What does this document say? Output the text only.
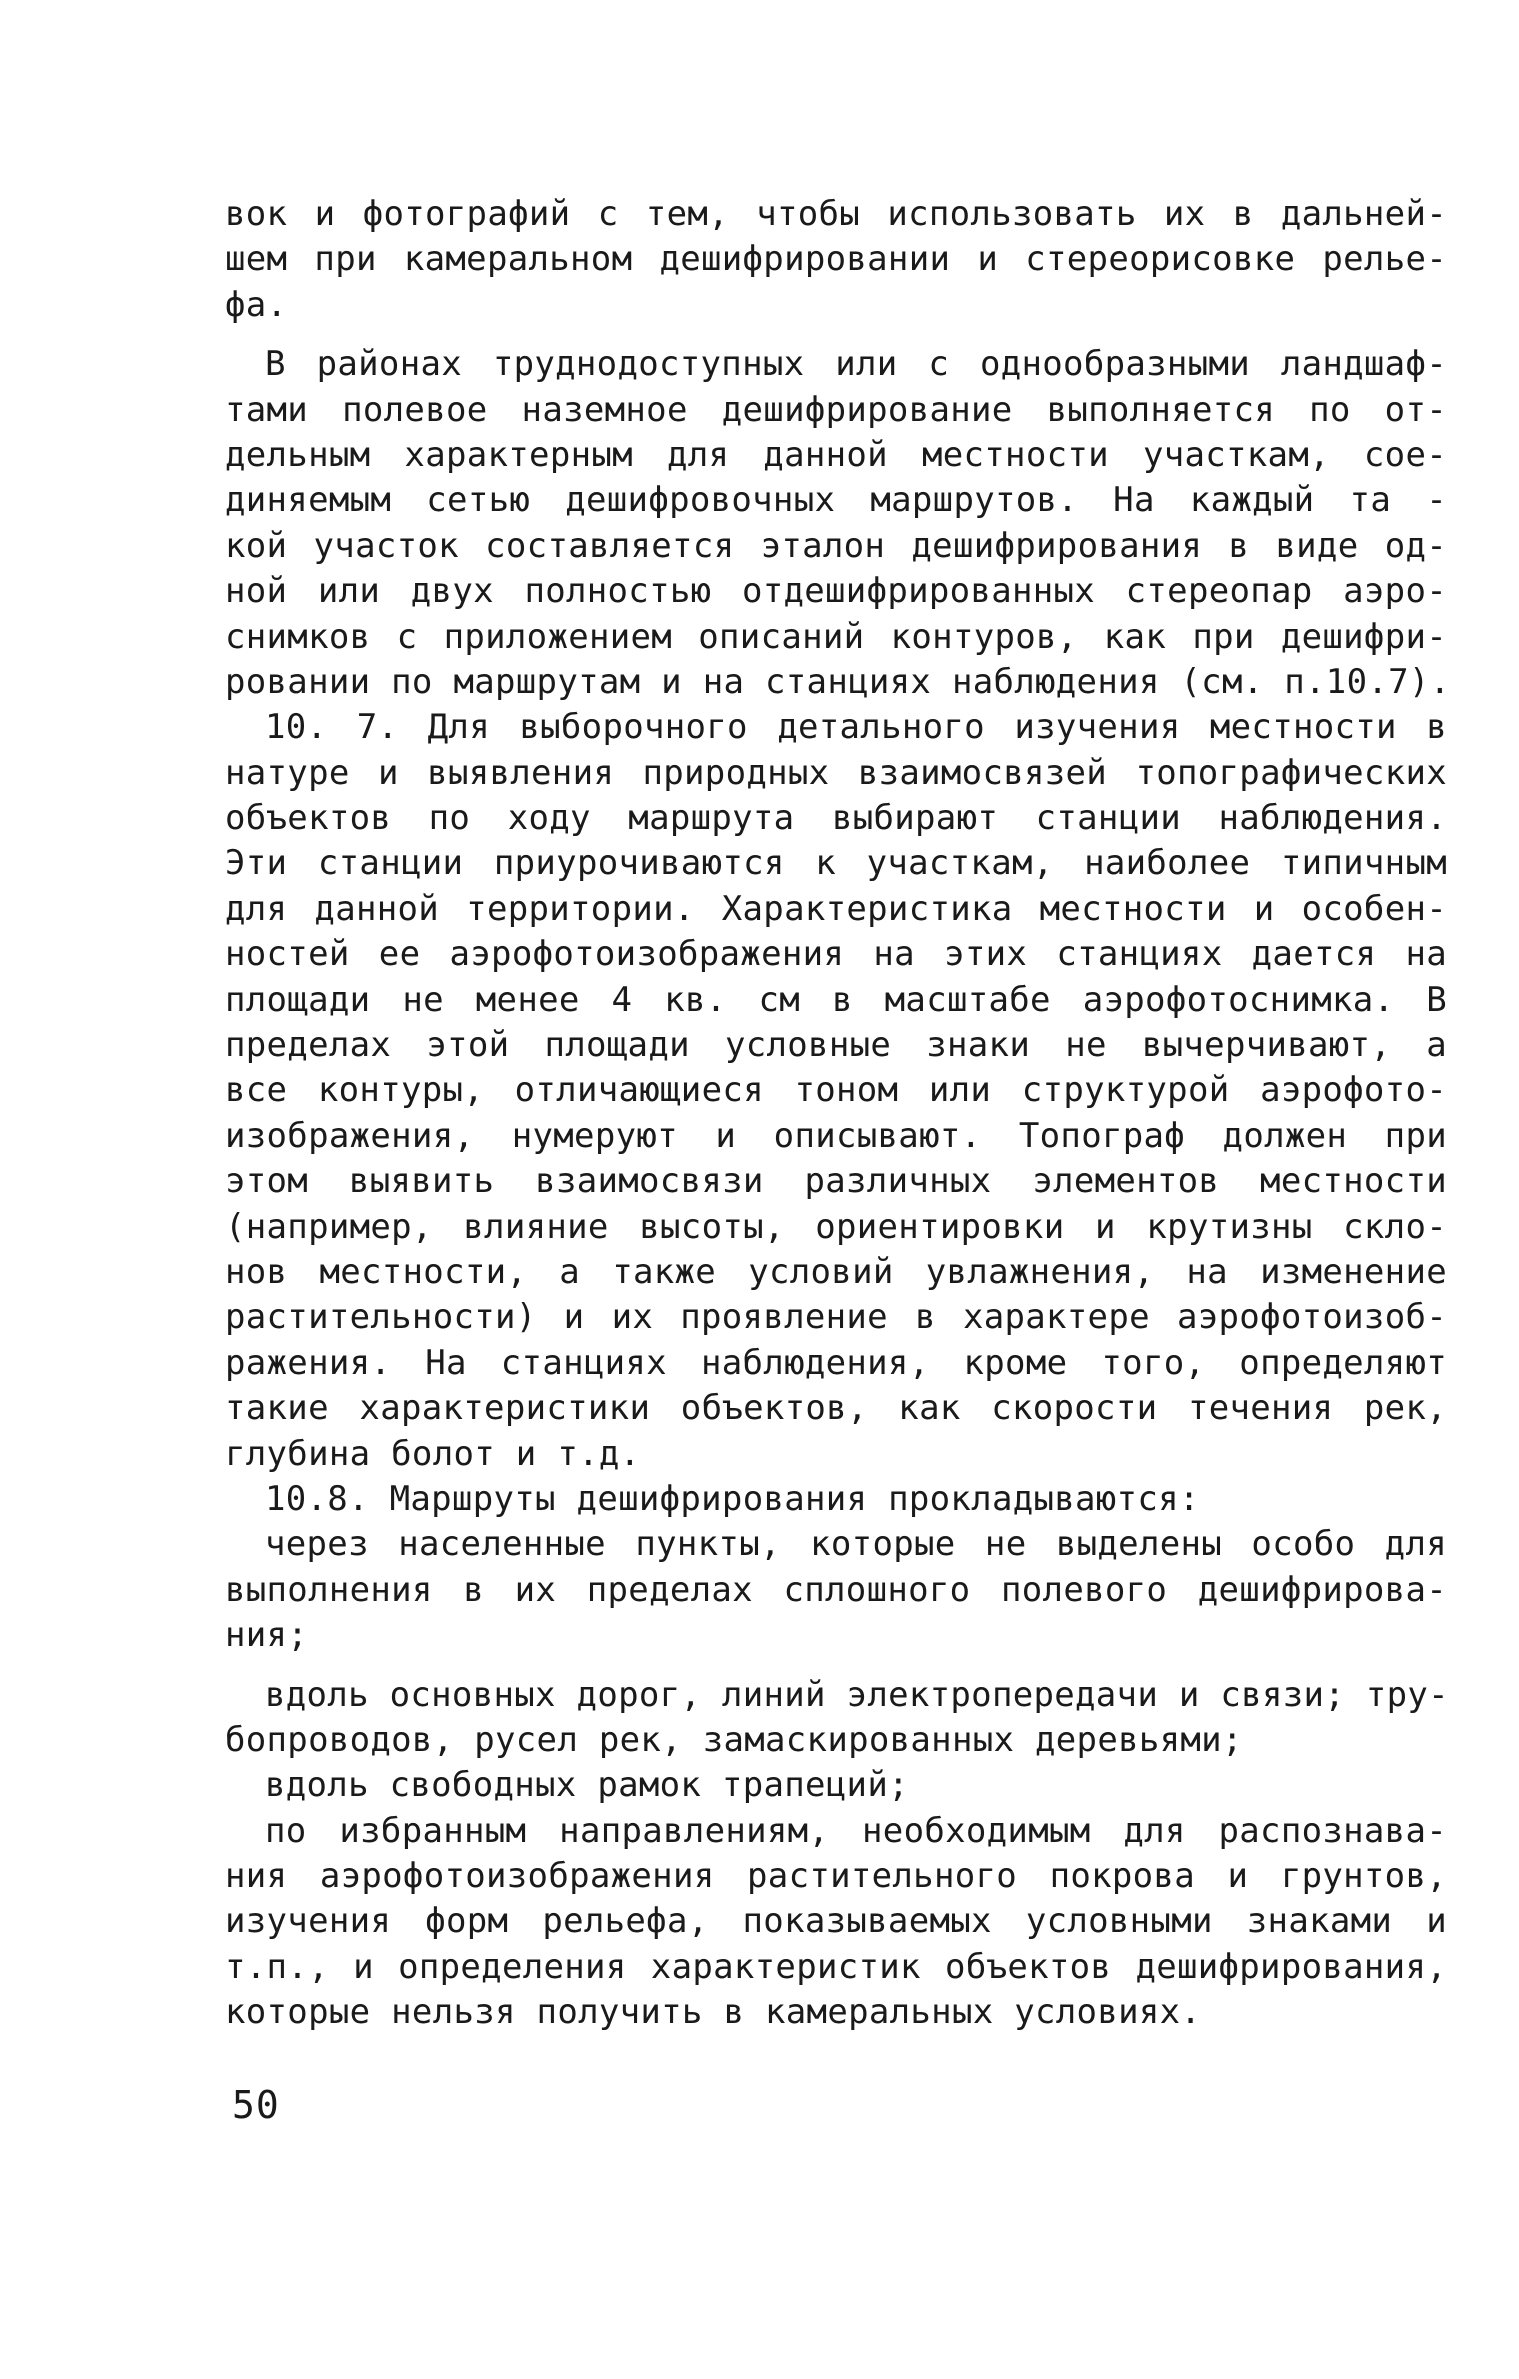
вок и фотографий с тем, чтобы использовать их в дальней-
шем при камеральном дешифрировании и стереорисовке релье-
фа.
В районах труднодоступных или с однообразными ландшаф-
тами полевое наземное дешифрирование выполняется по от-
дельным характерным для данной местности участкам, сое-
диняемым сетью дешифровочных маршрутов. На каждый та -
кой участок составляется эталон дешифрирования в виде од-
ной или двух полностью отдешифрированных стереопар аэро-
снимков с приложением описаний контуров, как при дешифри-
ровании по маршрутам и на станциях наблюдения (см. п.10.7).
10. 7. Для выборочного детального изучения местности в
натуре и выявления природных взаимосвязей топографических
объектов по ходу маршрута выбирают станции наблюдения.
Эти станции приурочиваются к участкам, наиболее типичным
для данной территории. Характеристика местности и особен-
ностей ее аэрофотоизображения на этих станциях дается на
площади не менее 4 кв. см в масштабе аэрофотоснимка. В
пределах этой площади условные знаки не вычерчивают, а
все контуры, отличающиеся тоном или структурой аэрофото-
изображения, нумеруют и описывают. Топограф должен при
этом выявить взаимосвязи различных элементов местности
(например, влияние высоты, ориентировки и крутизны скло-
нов местности, а также условий увлажнения, на изменение
растительности) и их проявление в характере аэрофотоизоб-
ражения. На станциях наблюдения, кроме того, определяют
такие характеристики объектов, как скорости течения рек,
глубина болот и т.д.
10.8. Маршруты дешифрирования прокладываются:
через населенные пункты, которые не выделены особо для
выполнения в их пределах сплошного полевого дешифрирова-
ния;
вдоль основных дорог, линий электропередачи и связи; тру-
бопроводов, русел рек, замаскированных деревьями;
вдоль свободных рамок трапеций;
по избранным направлениям, необходимым для распознава-
ния аэрофотоизображения растительного покрова и грунтов,
изучения форм рельефа, показываемых условными знаками и
т.п., и определения характеристик объектов дешифрирования,
которые нельзя получить в камеральных условиях.
50
